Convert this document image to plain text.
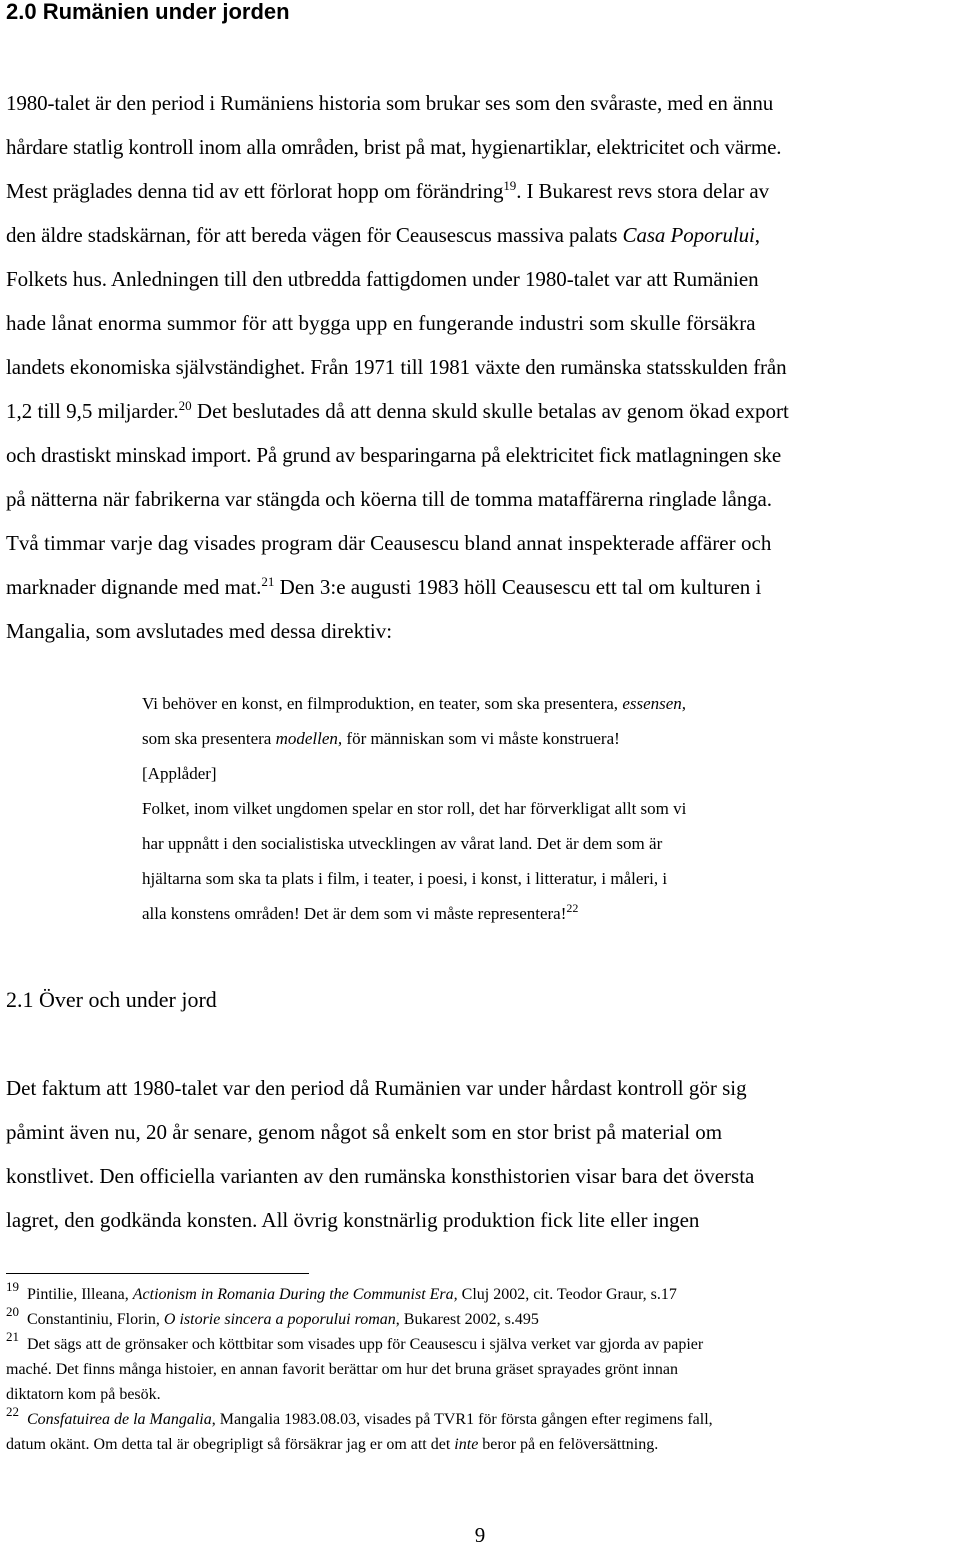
2.0 Rumänien under jorden
1980-talet är den period i Rumäniens historia som brukar ses som den svåraste, med en ännu
hårdare statlig kontroll inom alla områden, brist på mat, hygienartiklar, elektricitet och värme.
Mest präglades denna tid av ett förlorat hopp om förändring$^{19}$. I Bukarest revs stora delar av
den äldre stadskärnan, för att bereda vägen för Ceausescus massiva palats Casa Poporului,
Folkets hus. Anledningen till den utbredda fattigdomen under 1980-talet var att Rumänien
hade lånat enorma summor för att bygga upp en fungerande industri som skulle försäkra
landets ekonomiska självständighet. Från 1971 till 1981 växte den rumänska statsskulden från
1,2 till 9,5 miljarder.$^{20}$ Det beslutades då att denna skuld skulle betalas av genom ökad export
och drastiskt minskad import. På grund av besparingarna på elektricitet fick matlagningen ske
på nätterna när fabrikerna var stängda och köerna till de tomma mataffärerna ringlade långa.
Två timmar varje dag visades program där Ceausescu bland annat inspekterade affärer och
marknader dignande med mat.$^{21}$ Den 3:e augusti 1983 höll Ceausescu ett tal om kulturen i
Mangalia, som avslutades med dessa direktiv:
Vi behöver en konst, en filmproduktion, en teater, som ska presentera, essensen,
som ska presentera modellen, för människan som vi måste konstruera!
[Applåder]
Folket, inom vilket ungdomen spelar en stor roll, det har förverkligat allt som vi
har uppnått i den socialistiska utvecklingen av vårat land. Det är dem som är
hjältarna som ska ta plats i film, i teater, i poesi, i konst, i litteratur, i måleri, i
alla konstens områden! Det är dem som vi måste representera!$^{22}$
2.1 Över och under jord
Det faktum att 1980-talet var den period då Rumänien var under hårdast kontroll gör sig
påmint även nu, 20 år senare, genom något så enkelt som en stor brist på material om
konstlivet. Den officiella varianten av den rumänska konsthistorien visar bara det översta
lagret, den godkända konsten. All övrig konstnärlig produktion fick lite eller ingen
19 Pintilie, Illeana, Actionism in Romania During the Communist Era, Cluj 2002, cit. Teodor Graur, s.17
20 Constantiniu, Florin, O istorie sincera a poporului roman, Bukarest 2002, s.495
21 Det sägs att de grönsaker och köttbitar som visades upp för Ceausescu i själva verket var gjorda av papier
maché. Det finns många histoier, en annan favorit berättar om hur det bruna gräset sprayades grönt innan
diktatorn kom på besök.
22 Consfatuirea de la Mangalia, Mangalia 1983.08.03, visades på TVR1 för första gången efter regimens fall,
datum okänt. Om detta tal är obegripligt så försäkrar jag er om att det inte beror på en felöversättning.
9
